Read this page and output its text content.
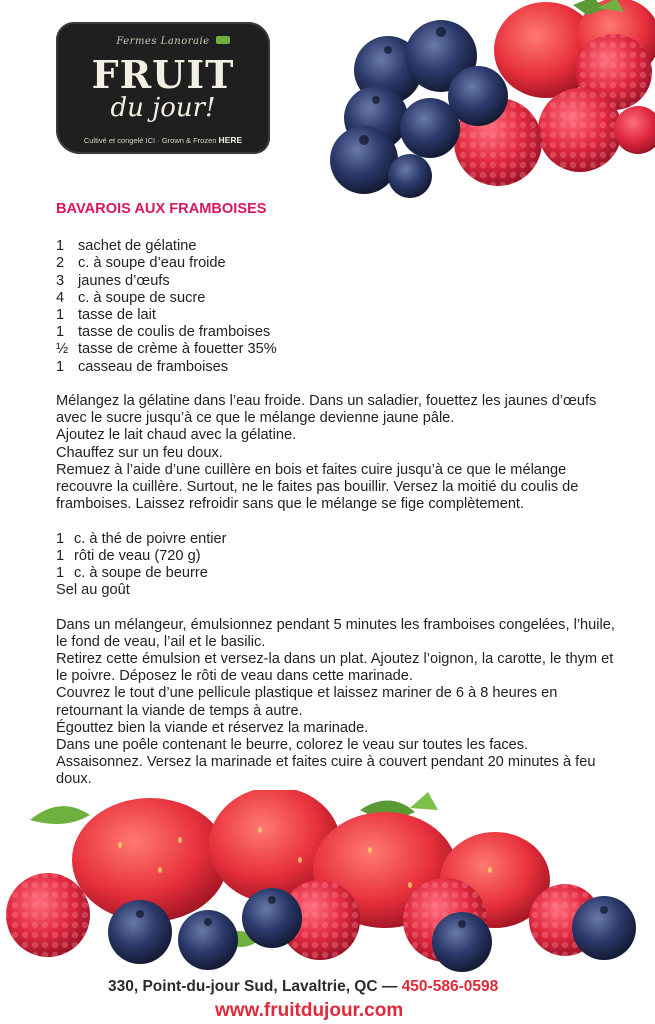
Fermes Lanoraie
FRUIT
du jour!
Cultivé et congelé ICI · Grown & Frozen HERE
BAVAROIS AUX FRAMBOISES
1 sachet de gélatine
2 c. à soupe d’eau froide
3 jaunes d’œufs
4 c. à soupe de sucre
1 tasse de lait
1 tasse de coulis de framboises
½ tasse de crème à fouetter 35%
1 casseau de framboises

Mélangez la gélatine dans l’eau froide. Dans un saladier, fouettez les jaunes d’œufs avec le sucre jusqu’à ce que le mélange devienne jaune pâle.

Ajoutez le lait chaud avec la gélatine.

Chauffez sur un feu doux.

Remuez à l’aide d’une cuillère en bois et faites cuire jusqu’à ce que le mélange recouvre la cuillère. Surtout, ne le faites pas bouillir. Versez la moitié du coulis de framboises. Laissez refroidir sans que le mélange se fige complètement.

1 c. à thé de poivre entier
1 rôti de veau (720 g)
1 c. à soupe de beurre

Sel au goût

Dans un mélangeur, émulsionnez pendant 5 minutes les framboises congelées, l’huile, le fond de veau, l’ail et le basilic.

Retirez cette émulsion et versez-la dans un plat. Ajoutez l’oignon, la carotte, le thym et le poivre. Déposez le rôti de veau dans cette marinade.

Couvrez le tout d’une pellicule plastique et laissez mariner de 6 à 8 heures en retournant la viande de temps à autre.

Égouttez bien la viande et réservez la marinade.

Dans une poêle contenant le beurre, colorez le veau sur toutes les faces.

Assaisonnez. Versez la marinade et faites cuire à couvert pendant 20 minutes à feu doux.

330, Point-du-jour Sud, Lavaltrie, QC — 450-586-0598
www.fruitdujour.com
